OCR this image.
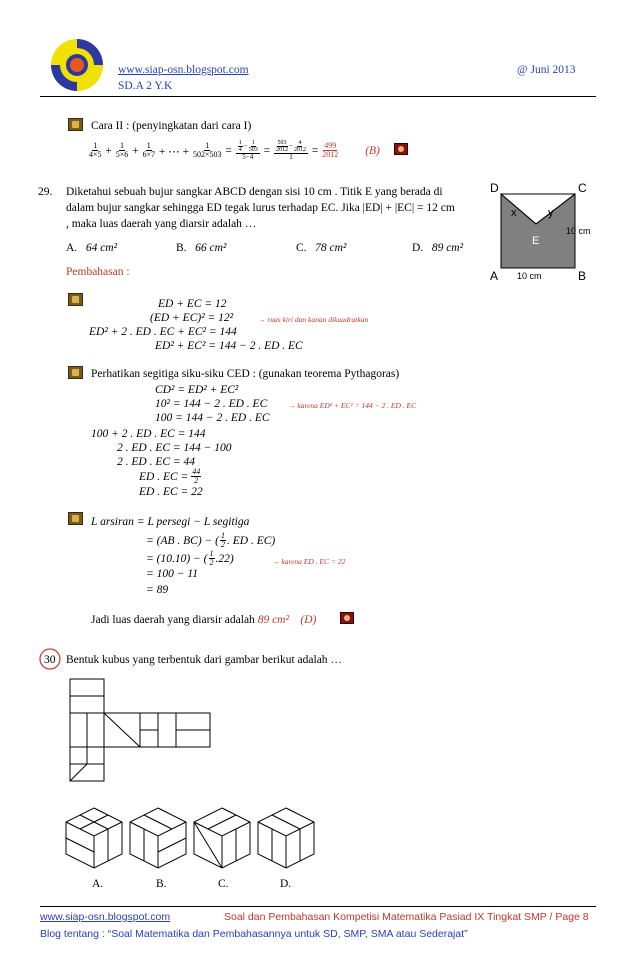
www.siap-osn.blogspot.com
SD.A 2 Y.K
@ Juni 2013
Cara II : (penyingkatan dari cara I)
$\frac{1}{4\times 5} + \frac{1}{5\times 6} + \frac{1}{6\times 7}$
+ ⋯ +
$\frac{1}{502\times 503} = \frac{\frac{1}{4} - \frac{1}{503}}{5-4} = \frac{\frac{503}{2012} - \frac{4}{2012}}{1} = \frac{499}{2012} (B)$
29. Diketahui sebuah bujur sangkar ABCD dengan sisi 10 cm . Titik E yang berada di
dalam bujur sangkar sehingga ED tegak lurus terhadap EC. Jika |ED| + |EC| = 12 cm
, maka luas daerah yang diarsir adalah …
A. 64 cm²	B. 66 cm²	C. 78 cm²	D. 89 cm²
D	C
A	B
E
x	y
10 cm
10 cm
Pembahasan :
ED + EC = 12
(ED + EC)² = 12²	→ ruas kiri dan kanan dikuadratkan
ED² + 2 . ED . EC + EC² = 144
ED² + EC² = 144 − 2 . ED . EC
Perhatikan segitiga siku-siku CED : (gunakan teorema Pythagoras)
CD² = ED² + EC²
10² = 144 − 2 . ED . EC	→ karena ED² + EC² = 144 − 2 . ED . EC
100 = 144 − 2 . ED . EC
100 + 2 . ED . EC = 144
2 . ED . EC = 144 − 100
2 . ED . EC = 44
ED . EC = $\frac{44}{2}$
ED . EC = 22
L arsiran = L persegi − L segitiga
= (AB . BC) − ( $\frac{1}{2}$ . ED . EC)
= (10.10) − ( $\frac{1}{2} .22$)	→ karena ED . EC = 22
= 100 − 11
= 89
Jadi luas daerah yang diarsir adalah 89 cm² (D)
30 Bentuk kubus yang terbentuk dari gambar berikut adalah …
A.	B.	C.	D.
www.siap-osn.blogspot.com	Soal dan Pembahasan Kompetisi Matematika Pasiad IX Tingkat SMP / Page 8
Blog tentang : “Soal Matematika dan Pembahasannya untuk SD, SMP, SMA atau Sederajat”
